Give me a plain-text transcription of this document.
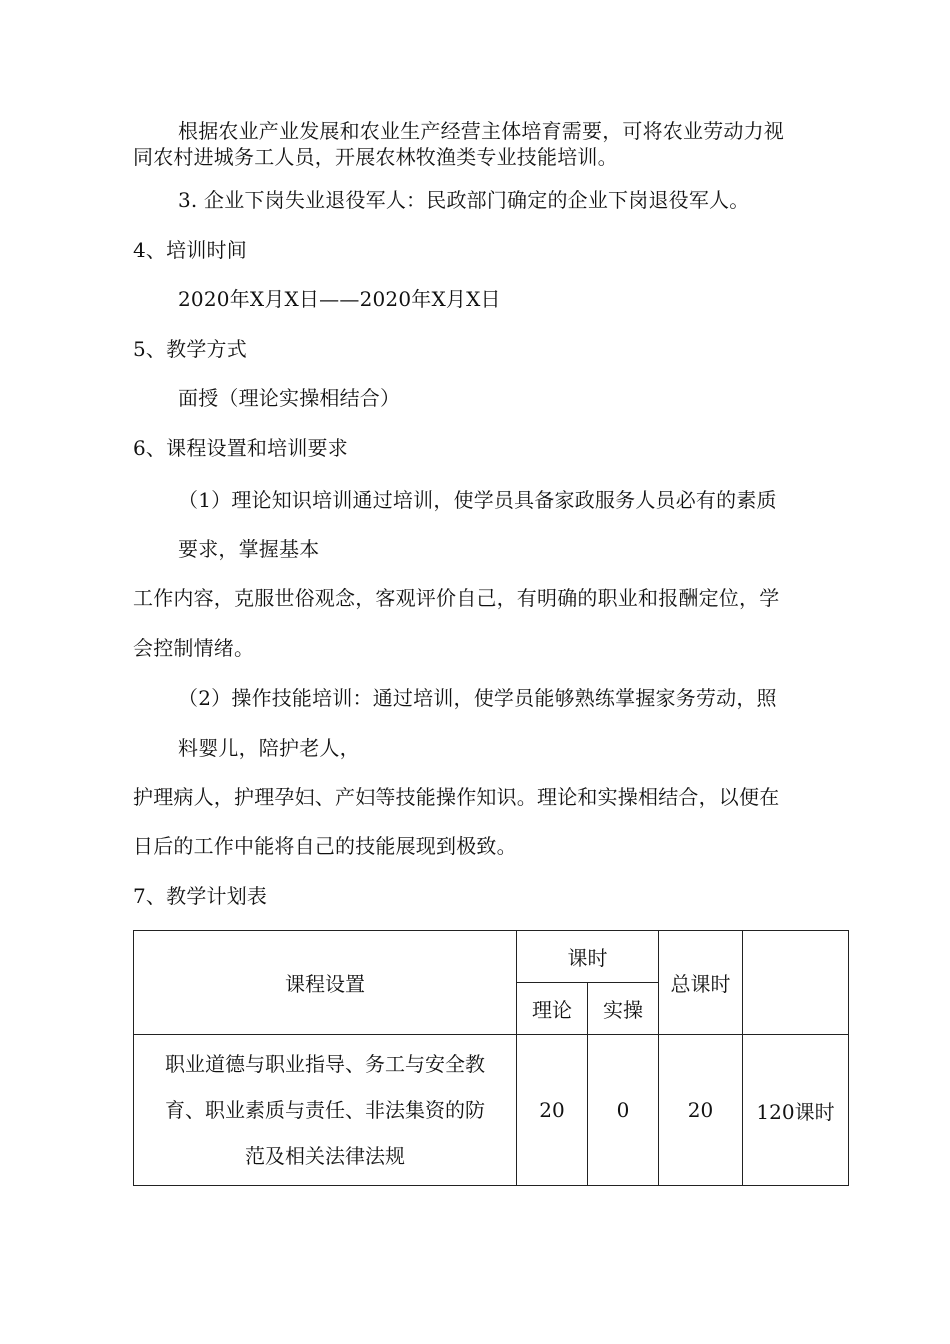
根据农业产业发展和农业生产经营主体培育需要，可将农业劳动力视
同农村进城务工人员，开展农林牧渔类专业技能培训。
3. 企业下岗失业退役军人：民政部门确定的企业下岗退役军人。
4、培训时间
2020年X月X日——2020年X月X日
5、教学方式
面授（理论实操相结合）
6、课程设置和培训要求
（1）理论知识培训通过培训，使学员具备家政服务人员必有的素质
要求，掌握基本
工作内容，克服世俗观念，客观评价自己，有明确的职业和报酬定位，学
会控制情绪。
（2）操作技能培训：通过培训，使学员能够熟练掌握家务劳动，照
料婴儿，陪护老人，
护理病人，护理孕妇、产妇等技能操作知识。理论和实操相结合，以便在
日后的工作中能将自己的技能展现到极致。
7、教学计划表
课程设置	课时		总课时	
	理论	实操		

职业道德与职业指导、务工与安全教
育、职业素质与责任、非法集资的防
范及相关法律法规	20	0	20	120课时
